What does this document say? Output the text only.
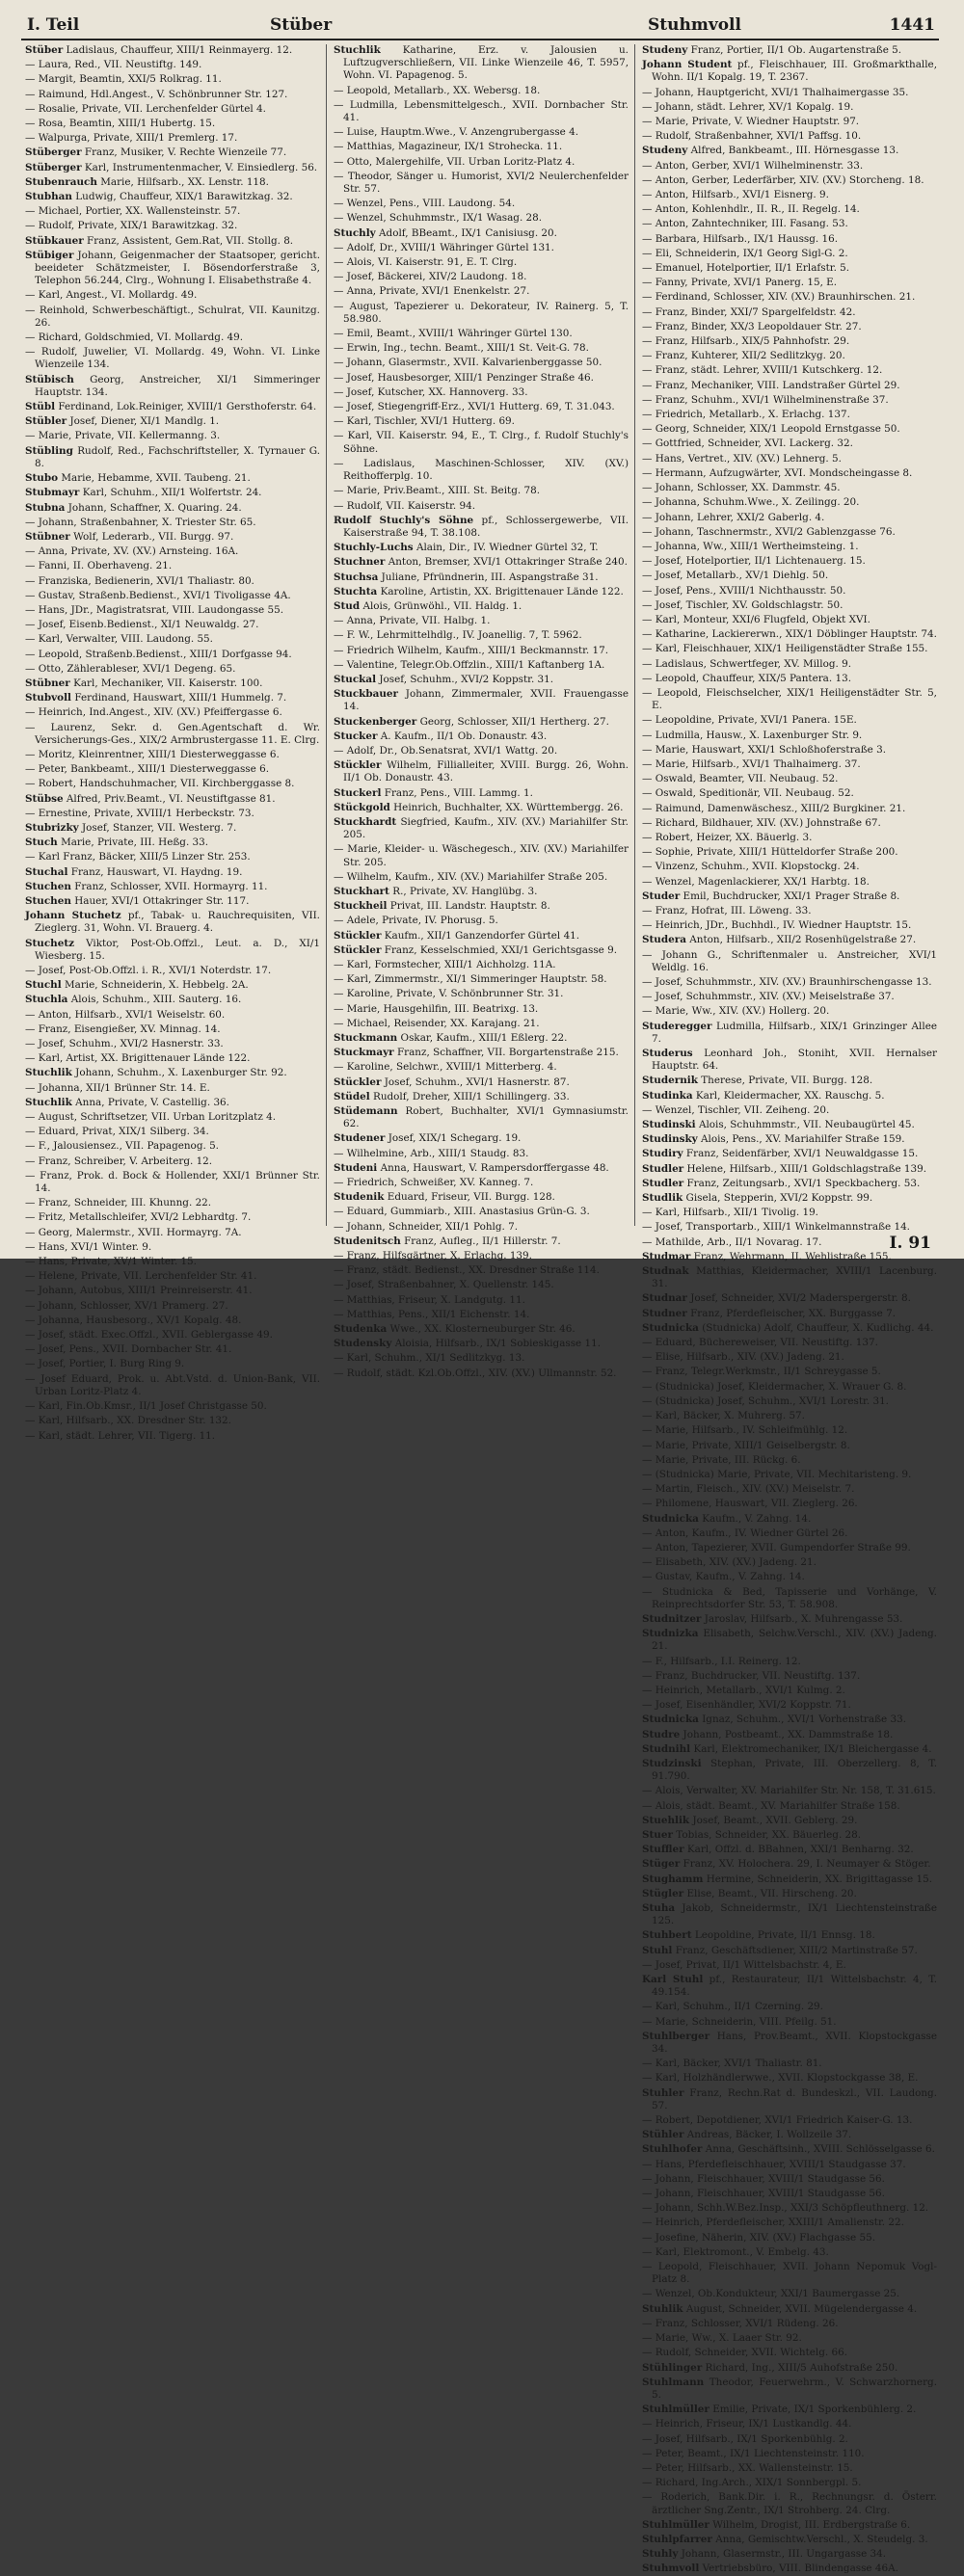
I. Teil	Stüber	Stuhmvoll	1441

Stüber Ladislaus, Chauffeur, XIII/1 Reinmayerg. 12.

— Laura, Red., VII. Neustiftg. 149.

— Margit, Beamtin, XXI/5 Rolkrag. 11.

— Raimund, Hdl.Angest., V. Schönbrunner Str. 127.

— Rosalie, Private, VII. Lerchenfelder Gürtel 4.

— Rosa, Beamtin, XIII/1 Hubertg. 15.

— Walpurga, Private, XIII/1 Premlerg. 17.

Stüberger Franz, Musiker, V. Rechte Wienzeile 77.

Stüberger Karl, Instrumentenmacher, V. Einsiedlerg. 56.

Stubenrauch Marie, Hilfsarb., XX. Lenstr. 118.

Stubhan Ludwig, Chauffeur, XIX/1 Barawitzkag. 32.

— Michael, Portier, XX. Wallensteinstr. 57.

— Rudolf, Private, XIX/1 Barawitzkag. 32.

Stübkauer Franz, Assistent, Gem.Rat, VII. Stollg. 8.

Stübiger Johann, Geigenmacher der Staatsoper, gericht. beeideter Schätzmeister, I. Bösendorferstraße 3, Telephon 56.244, Clrg., Wohnung I. Elisabethstraße 4.

— Karl, Angest., VI. Mollardg. 49.

— Reinhold, Schwerbeschäftigt., Schulrat, VII. Kaunitzg. 26.

— Richard, Goldschmied, VI. Mollardg. 49.

— Rudolf, Juwelier, VI. Mollardg. 49, Wohn. VI. Linke Wienzeile 134.

Stübisch Georg, Anstreicher, XI/1 Simmeringer Hauptstr. 134.

Stübl Ferdinand, Lok.Reiniger, XVIII/1 Gersthoferstr. 64.

Stübler Josef, Diener, XI/1 Mandlg. 1.

— Marie, Private, VII. Kellermanng. 3.

Stübling Rudolf, Red., Fachschriftsteller, X. Tyrnauer G. 8.

Stubo Marie, Hebamme, XVII. Taubeng. 21.

Stubmayr Karl, Schuhm., XII/1 Wolfertstr. 24.

Stubna Johann, Schaffner, X. Quaring. 24.

— Johann, Straßenbahner, X. Triester Str. 65.

Stübner Wolf, Lederarb., VII. Burgg. 97.

— Anna, Private, XV. (XV.) Arnsteing. 16A.

— Fanni, II. Oberhaveng. 21.

— Franziska, Bedienerin, XVI/1 Thaliastr. 80.

— Gustav, Straßenb.Bedienst., XVI/1 Tivoligasse 4A.

— Hans, JDr., Magistratsrat, VIII. Laudongasse 55.

— Josef, Eisenb.Bedienst., XI/1 Neuwaldg. 27.

— Karl, Verwalter, VIII. Laudong. 55.

— Leopold, Straßenb.Bedienst., XIII/1 Dorfgasse 94.

— Otto, Zählerableser, XVI/1 Degeng. 65.

Stübner Karl, Mechaniker, VII. Kaiserstr. 100.

Stubvoll Ferdinand, Hauswart, XIII/1 Hummelg. 7.

— Heinrich, Ind.Angest., XIV. (XV.) Pfeiffergasse 6.

— Laurenz, Sekr. d. Gen.Agentschaft d. Wr. Versicherungs-Ges., XIX/2 Armbrustergasse 11. E. Clrg.

— Moritz, Kleinrentner, XIII/1 Diesterweggasse 6.

— Peter, Bankbeamt., XIII/1 Diesterweggasse 6.

— Robert, Handschuhmacher, VII. Kirchberggasse 8.

Stübse Alfred, Priv.Beamt., VI. Neustiftgasse 81.

— Ernestine, Private, XVIII/1 Herbeckstr. 73.

Stubrizky Josef, Stanzer, VII. Westerg. 7.

Stuch Marie, Private, III. Heßg. 33.

— Karl Franz, Bäcker, XIII/5 Linzer Str. 253.

Stuchal Franz, Hauswart, VI. Haydng. 19.

Stuchen Franz, Schlosser, XVII. Hormayrg. 11.

Stuchen Hauer, XVI/1 Ottakringer Str. 117.

Johann Stuchetz pf., Tabak- u. Rauchrequisiten, VII. Zieglerg. 31, Wohn. VI. Brauerg. 4.

Stuchetz Viktor, Post-Ob.Offzl., Leut. a. D., XI/1 Wiesberg. 15.

— Josef, Post-Ob.Offzl. i. R., XVI/1 Noterdstr. 17.

Stuchl Marie, Schneiderin, X. Hebbelg. 2A.

Stuchla Alois, Schuhm., XIII. Sauterg. 16.

— Anton, Hilfsarb., XVI/1 Weiselstr. 60.

— Franz, Eisengießer, XV. Minnag. 14.

— Josef, Schuhm., XVI/2 Hasnerstr. 33.

— Karl, Artist, XX. Brigittenauer Lände 122.

Stuchlik Johann, Schuhm., X. Laxenburger Str. 92.

— Johanna, XII/1 Brünner Str. 14. E.

Stuchlik Anna, Private, V. Castellig. 36.

— August, Schriftsetzer, VII. Urban Loritzplatz 4.

— Eduard, Privat, XIX/1 Silberg. 34.

— F., Jalousiensez., VII. Papagenog. 5.

— Franz, Schreiber, V. Arbeiterg. 12.

— Franz, Prok. d. Bock & Hollender, XXI/1 Brünner Str. 14.

— Franz, Schneider, III. Khunng. 22.

— Fritz, Metallschleifer, XVI/2 Lebhardtg. 7.

— Georg, Malermstr., XVII. Hormayrg. 7A.

— Hans, XVI/1 Winter. 9.

— Hans, Private, XV/1 Winter. 15.

— Helene, Private, VII. Lerchenfelder Str. 41.

— Johann, Autobus, XIII/1 Preinreiserstr. 41.

— Johann, Schlosser, XV/1 Pramerg. 27.

— Johanna, Hausbesorg., XV/1 Kopalg. 48.

— Josef, städt. Exec.Offzl., XVII. Geblergasse 49.

— Josef, Pens., XVII. Dornbacher Str. 41.

— Josef, Portier, I. Burg Ring 9.

— Josef Eduard, Prok. u. Abt.Vstd. d. Union-Bank, VII. Urban Loritz-Platz 4.

— Karl, Fin.Ob.Kmsr., II/1 Josef Christgasse 50.

— Karl, Hilfsarb., XX. Dresdner Str. 132.

— Karl, städt. Lehrer, VII. Tigerg. 11.

Stuchlik Katharine, Erz. v. Jalousien u. Luftzugverschließern, VII. Linke Wienzeile 46, T. 5957, Wohn. VI. Papagenog. 5.

— Leopold, Metallarb., XX. Webersg. 18.

— Ludmilla, Lebensmittelgesch., XVII. Dornbacher Str. 41.

— Luise, Hauptm.Wwe., V. Anzengrubergasse 4.

— Matthias, Magazineur, IX/1 Strohecka. 11.

— Otto, Malergehilfe, VII. Urban Loritz-Platz 4.

— Theodor, Sänger u. Humorist, XVI/2 Neulerchenfelder Str. 57.

— Wenzel, Pens., VIII. Laudong. 54.

— Wenzel, Schuhmmstr., IX/1 Wasag. 28.

Stuchly Adolf, BBeamt., IX/1 Canisiusg. 20.

— Adolf, Dr., XVIII/1 Währinger Gürtel 131.

— Alois, VI. Kaiserstr. 91, E. T. Clrg.

— Josef, Bäckerei, XIV/2 Laudong. 18.

— Anna, Private, XVI/1 Enenkelstr. 27.

— August, Tapezierer u. Dekorateur, IV. Rainerg. 5, T. 58.980.

— Emil, Beamt., XVIII/1 Währinger Gürtel 130.

— Erwin, Ing., techn. Beamt., XIII/1 St. Veit-G. 78.

— Johann, Glasermstr., XVII. Kalvarienberggasse 50.

— Josef, Hausbesorger, XIII/1 Penzinger Straße 46.

— Josef, Kutscher, XX. Hannoverg. 33.

— Josef, Stiegengriff-Erz., XVI/1 Hutterg. 69, T. 31.043.

— Karl, Tischler, XVI/1 Hutterg. 69.

— Karl, VII. Kaiserstr. 94, E., T. Clrg., f. Rudolf Stuchly's Söhne.

— Ladislaus, Maschinen-Schlosser, XIV. (XV.) Reithofferplg. 10.

— Marie, Priv.Beamt., XIII. St. Beitg. 78.

— Rudolf, VII. Kaiserstr. 94.

Rudolf Stuchly's Söhne pf., Schlossergewerbe, VII. Kaiserstraße 94, T. 38.108.

Stuchly-Luchs Alain, Dir., IV. Wiedner Gürtel 32, T.

Stuchner Anton, Bremser, XVI/1 Ottakringer Straße 240.

Stuchsa Juliane, Pfründnerin, III. Aspangstraße 31.

Stuchta Karoline, Artistin, XX. Brigittenauer Lände 122.

Stud Alois, Grünwöhl., VII. Haldg. 1.

— Anna, Private, VII. Halbg. 1.

— F. W., Lehrmittelhdlg., IV. Joanellig. 7, T. 5962.

— Friedrich Wilhelm, Kaufm., XIII/1 Beckmannstr. 17.

— Valentine, Telegr.Ob.Offzlin., XIII/1 Kaftanberg 1A.

Stuckal Josef, Schuhm., XVI/2 Koppstr. 31.

Stuckbauer Johann, Zimmermaler, XVII. Frauengasse 14.

Stuckenberger Georg, Schlosser, XII/1 Hertherg. 27.

Stucker A. Kaufm., II/1 Ob. Donaustr. 43.

— Adolf, Dr., Ob.Senatsrat, XVI/1 Wattg. 20.

Stückler Wilhelm, Fillialleiter, XVIII. Burgg. 26, Wohn. II/1 Ob. Donaustr. 43.

Stuckerl Franz, Pens., VIII. Lammg. 1.

Stückgold Heinrich, Buchhalter, XX. Württembergg. 26.

Stuckhardt Siegfried, Kaufm., XIV. (XV.) Mariahilfer Str. 205.

— Marie, Kleider- u. Wäschegesch., XIV. (XV.) Mariahilfer Str. 205.

— Wilhelm, Kaufm., XIV. (XV.) Mariahilfer Straße 205.

Stuckhart R., Private, XV. Hanglübg. 3.

Stuckheil Privat, III. Landstr. Hauptstr. 8.

— Adele, Private, IV. Phorusg. 5.

Stückler Kaufm., XII/1 Ganzendorfer Gürtel 41.

Stückler Franz, Kesselschmied, XXI/1 Gerichtsgasse 9.

— Karl, Formstecher, XIII/1 Aichholzg. 11A.

— Karl, Zimmermstr., XI/1 Simmeringer Hauptstr. 58.

— Karoline, Private, V. Schönbrunner Str. 31.

— Marie, Hausgehilfin, III. Beatrixg. 13.

— Michael, Reisender, XX. Karajang. 21.

Stuckmann Oskar, Kaufm., XIII/1 Eßlerg. 22.

Stuckmayr Franz, Schaffner, VII. Borgartenstraße 215.

— Karoline, Selchwr., XVIII/1 Mitterberg. 4.

Stückler Josef, Schuhm., XVI/1 Hasnerstr. 87.

Stüdel Rudolf, Dreher, XIII/1 Schillingerg. 33.

Stüdemann Robert, Buchhalter, XVI/1 Gymnasiumstr. 62.

Studener Josef, XIX/1 Schegarg. 19.

— Wilhelmine, Arb., XIII/1 Staudg. 83.

Studeni Anna, Hauswart, V. Rampersdorffergasse 48.

— Friedrich, Schweißer, XV. Kanneg. 7.

Studenik Eduard, Friseur, VII. Burgg. 128.

— Eduard, Gummiarb., XIII. Anastasius Grün-G. 3.

— Johann, Schneider, XII/1 Pohlg. 7.

Studenitsch Franz, Aufleg., II/1 Hillerstr. 7.

— Franz, Hilfsgärtner, X. Erlachg. 139.

— Franz, städt. Bedienst., XX. Dresdner Straße 114.

— Josef, Straßenbahner, X. Quellenstr. 145.

— Matthias, Friseur, X. Landgutg. 11.

— Matthias, Pens., XII/1 Eichenstr. 14.

Studenka Wwe., XX. Klosterneuburger Str. 46.

Studensky Aloisia, Hilfsarb., IX/1 Sobieskigasse 11.

— Karl, Schuhm., XI/1 Sedlitzkyg. 13.

— Rudolf, städt. Kzl.Ob.Offzl., XIV. (XV.) Ullmannstr. 52.

Studeny Franz, Portier, II/1 Ob. Augartenstraße 5.

Johann Student pf., Fleischhauer, III. Großmarkthalle, Wohn. II/1 Kopalg. 19, T. 2367.

— Johann, Hauptgericht, XVI/1 Thalhaimergasse 35.

— Johann, städt. Lehrer, XV/1 Kopalg. 19.

— Marie, Private, V. Wiedner Hauptstr. 97.

— Rudolf, Straßenbahner, XVI/1 Paffsg. 10.

Studeny Alfred, Bankbeamt., III. Hörnesgasse 13.

— Anton, Gerber, XVI/1 Wilhelminenstr. 33.

— Anton, Gerber, Lederfärber, XIV. (XV.) Storcheng. 18.

— Anton, Hilfsarb., XVI/1 Eisnerg. 9.

— Anton, Kohlenhdlr., II. R., II. Regelg. 14.

— Anton, Zahntechniker, III. Fasang. 53.

— Barbara, Hilfsarb., IX/1 Haussg. 16.

— Eli, Schneiderin, IX/1 Georg Sigl-G. 2.

— Emanuel, Hotelportier, II/1 Erlafstr. 5.

— Fanny, Private, XVI/1 Panerg. 15, E.

— Ferdinand, Schlosser, XIV. (XV.) Braunhirschen. 21.

— Franz, Binder, XXI/7 Spargelfeldstr. 42.

— Franz, Binder, XX/3 Leopoldauer Str. 27.

— Franz, Hilfsarb., XIX/5 Pahnhofstr. 29.

— Franz, Kuhterer, XII/2 Sedlitzkyg. 20.

— Franz, städt. Lehrer, XVIII/1 Kutschkerg. 12.

— Franz, Mechaniker, VIII. Landstraßer Gürtel 29.

— Franz, Schuhm., XVI/1 Wilhelminenstraße 37.

— Friedrich, Metallarb., X. Erlachg. 137.

— Georg, Schneider, XIX/1 Leopold Ernstgasse 50.

— Gottfried, Schneider, XVI. Lackerg. 32.

— Hans, Vertret., XIV. (XV.) Lehnerg. 5.

— Hermann, Aufzugwärter, XVI. Mondscheingasse 8.

— Johann, Schlosser, XX. Dammstr. 45.

— Johanna, Schuhm.Wwe., X. Zeilingg. 20.

— Johann, Lehrer, XXI/2 Gaberlg. 4.

— Johann, Taschnermstr., XVI/2 Gablenzgasse 76.

— Johanna, Ww., XIII/1 Wertheimsteing. 1.

— Josef, Hotelportier, II/1 Lichtenauerg. 15.

— Josef, Metallarb., XV/1 Diehlg. 50.

— Josef, Pens., XVIII/1 Nichthausstr. 50.

— Josef, Tischler, XV. Goldschlagstr. 50.

— Karl, Monteur, XXI/6 Flugfeld, Objekt XVI.

— Katharine, Lackiererwn., XIX/1 Döblinger Hauptstr. 74.

— Karl, Fleischhauer, XIX/1 Heiligenstädter Straße 155.

— Ladislaus, Schwertfeger, XV. Millog. 9.

— Leopold, Chauffeur, XIX/5 Pantera. 13.

— Leopold, Fleischselcher, XIX/1 Heiligenstädter Str. 5, E.

— Leopoldine, Private, XVI/1 Panera. 15E.

— Ludmilla, Hausw., X. Laxenburger Str. 9.

— Marie, Hauswart, XXI/1 Schloßhoferstraße 3.

— Marie, Hilfsarb., XVI/1 Thalhaimerg. 37.

— Oswald, Beamter, VII. Neubaug. 52.

— Oswald, Speditionär, VII. Neubaug. 52.

— Raimund, Damenwäschesz., XIII/2 Burgkiner. 21.

— Richard, Bildhauer, XIV. (XV.) Johnstraße 67.

— Robert, Heizer, XX. Bäuerlg. 3.

— Sophie, Private, XIII/1 Hütteldorfer Straße 200.

— Vinzenz, Schuhm., XVII. Klopstockg. 24.

— Wenzel, Magenlackierer, XX/1 Harbtg. 18.

Studer Emil, Buchdrucker, XXI/1 Prager Straße 8.

— Franz, Hofrat, III. Löweng. 33.

— Heinrich, JDr., Buchhdl., IV. Wiedner Hauptstr. 15.

Studera Anton, Hilfsarb., XII/2 Rosenhügelstraße 27.

— Johann G., Schriftenmaler u. Anstreicher, XVI/1 Weldlg. 16.

— Josef, Schuhmmstr., XIV. (XV.) Braunhirschengasse 13.

— Josef, Schuhmmstr., XIV. (XV.) Meiselstraße 37.

— Marie, Ww., XIV. (XV.) Hollerg. 20.

Studeregger Ludmilla, Hilfsarb., XIX/1 Grinzinger Allee 7.

Studerus Leonhard Joh., Stoniht, XVII. Hernalser Hauptstr. 64.

Studernik Therese, Private, VII. Burgg. 128.

Studinka Karl, Kleidermacher, XX. Rauschg. 5.

— Wenzel, Tischler, VII. Zeiheng. 20.

Studinski Alois, Schuhmmstr., VII. Neubaugürtel 45.

Studinsky Alois, Pens., XV. Mariahilfer Straße 159.

Studiry Franz, Seidenfärber, XVI/1 Neuwaldgasse 15.

Studler Helene, Hilfsarb., XIII/1 Goldschlagstraße 139.

Studler Franz, Zeitungsarb., XVI/1 Speckbacherg. 53.

Studlik Gisela, Stepperin, XVI/2 Koppstr. 99.

— Karl, Hilfsarb., XII/1 Tivolig. 19.

— Josef, Transportarb., XIII/1 Winkelmannstraße 14.

— Mathilde, Arb., II/1 Novarag. 17.

Studmar Franz, Wehrmann, II. Wehlistraße 155.

Studnak Matthias, Kleidermacher, XVIII/1 Lacenburg. 31.

Studnar Josef, Schneider, XVI/2 Maderspergerstr. 8.

Studner Franz, Pferdefleischer, XX. Burggasse 7.

Studnicka (Studnicka) Adolf, Chauffeur, X. Kudlichg. 44.

— Eduard, Büchereweiser, VII. Neustiftg. 137.

— Elise, Hilfsarb., XIV. (XV.) Jadeng. 21.

— Franz, Telegr.Werkmstr., II/1 Schreygasse 5.

— (Studnicka) Josef, Kleidermacher, X. Wrauer G. 8.

— (Studnicka) Josef, Schuhm., XVI/1 Lorestr. 31.

— Karl, Bäcker, X. Muhrerg. 57.

— Marie, Hilfsarb., IV. Schleifmühlg. 12.

— Marie, Private, XIII/1 Geiselbergstr. 8.

— Marie, Private, III. Rückg. 6.

— (Studnicka) Marie, Private, VII. Mechitaristeng. 9.

— Martin, Fleisch., XIV. (XV.) Meiselstr. 7.

— Philomene, Hauswart, VII. Zieglerg. 26.

Studnicka Kaufm., V. Zahng. 14.

— Anton, Kaufm., IV. Wiedner Gürtel 26.

— Anton, Tapezierer, XVII. Gumpendorfer Straße 99.

— Elisabeth, XIV. (XV.) Jadeng. 21.

— Gustav, Kaufm., V. Zahng. 14.

— Studnicka & Bed, Tapisserie und Vorhänge, V. Reinprechtsdorfer Str. 53, T. 58.908.

Studnitzer Jaroslav, Hilfsarb., X. Muhrengasse 53.

Studnizka Elisabeth, Selchw.Verschl., XIV. (XV.) Jadeng. 21.

— F., Hilfsarb., I.I. Reinerg. 12.

— Franz, Buchdrucker, VII. Neustiftg. 137.

— Heinrich, Metallarb., XVI/1 Kulmg. 2.

— Josef, Eisenhändler, XVI/2 Koppstr. 71.

Studnicka Ignaz, Schuhm., XVI/1 Vorhenstraße 33.

Studre Johann, Postbeamt., XX. Dammstraße 18.

Studnihl Karl, Elektromechaniker, IX/1 Bleichergasse 4.

Studzinski Stephan, Private, III. Oberzellerg. 8, T. 91.790.

— Alois, Verwalter, XV. Mariahilfer Str. Nr. 158, T. 31.615.

— Alois, städt. Beamt., XV. Mariahilfer Straße 158.

Stuehlik Josef, Beamt., XVII. Geblerg. 29.

Stuer Tobias, Schneider, XX. Bäuerleg. 28.

Stuffler Karl, Offzl. d. BBahnen, XXI/1 Benharng. 32.

Stüger Franz, XV. Holochera. 29, I. Neumayer & Stöger.

Stughamm Hermine, Schneiderin, XX. Brigittagasse 15.

Stügler Elise, Beamt., VII. Hirscheng. 20.

Stuha Jakob, Schneidermstr., IX/1 Liechtensteinstraße 125.

Stuhbert Leopoldine, Private, II/1 Ennsg. 18.

Stuhl Franz, Geschäftsdiener, XIII/2 Martinstraße 57.

— Josef, Privat, II/1 Wittelsbachstr. 4, E.

Karl Stuhl pf., Restaurateur, II/1 Wittelsbachstr. 4, T. 49.154.

— Karl, Schuhm., II/1 Czerning. 29.

— Marie, Schneiderin, VIII. Pfeilg. 51.

Stuhlberger Hans, Prov.Beamt., XVII. Klopstockgasse 34.

— Karl, Bäcker, XVI/1 Thaliastr. 81.

— Karl, Holzhändlerwwe., XVII. Klopstockgasse 38, E.

Stuhler Franz, Rechn.Rat d. Bundeskzl., VII. Laudong. 57.

— Robert, Depotdiener, XVI/1 Friedrich Kaiser-G. 13.

Stühler Andreas, Bäcker, I. Wollzeile 37.

Stuhlhofer Anna, Geschäftsinh., XVIII. Schlösselgasse 6.

— Hans, Pferdefleischhauer, XVIII/1 Staudgasse 37.

— Johann, Fleischhauer, XVIII/1 Staudgasse 56.

— Johann, Fleischhauer, XVIII/1 Staudgasse 56.

— Johann, Schh.W.Bez.Insp., XXI/3 Schöpfleuthnerg. 12.

— Heinrich, Pferdefleischer, XXIII/1 Amalienstr. 22.

— Josefine, Näherin, XIV. (XV.) Flachgasse 55.

— Karl, Elektromont., V. Embelg. 43.

— Leopold, Fleischhauer, XVII. Johann Nepomuk Vogl-Platz 8.

— Wenzel, Ob.Kondukteur, XXI/1 Baumergasse 25.

Stuhlik August, Schneider, XVII. Mügelendergasse 4.

— Franz, Schlosser, XVI/1 Rüdeng. 26.

— Marie, Ww., X. Laaer Str. 92.

— Rudolf, Schneider, XVII. Wichtelg. 66.

Stühlinger Richard, Ing., XIII/5 Auhofstraße 250.

Stuhlmann Theodor, Feuerwehrm., V. Schwarzhornerg. 5.

Stuhlmüller Emilie, Private, IX/1 Sporkenbühlerg. 2.

— Heinrich, Friseur, IX/1 Lustkandlg. 44.

— Josef, Hilfsarb., IX/1 Sporkenbühlg. 2.

— Peter, Beamt., IX/1 Liechtensteinstr. 110.

— Peter, Hilfsarb., XX. Wallensteinstr. 15.

— Richard, Ing.Arch., XIX/1 Sonnbergpl. 5.

— Roderich, Bank.Dir. i. R., Rechnungsr. d. Österr. ärztlicher Sng.Zentr., IX/1 Strohberg. 24. Clrg.

Stuhlmüller Wilhelm, Drogist, III. Erdbergstraße 6.

Stuhlpfarrer Anna, Gemischtw.Verschl., X. Steudelg. 3.

Stuhly Johann, Glasermstr., III. Ungargasse 34.

Stuhmvoll Vertriebsbüro, VIII. Blindengasse 46A.

I. 91
